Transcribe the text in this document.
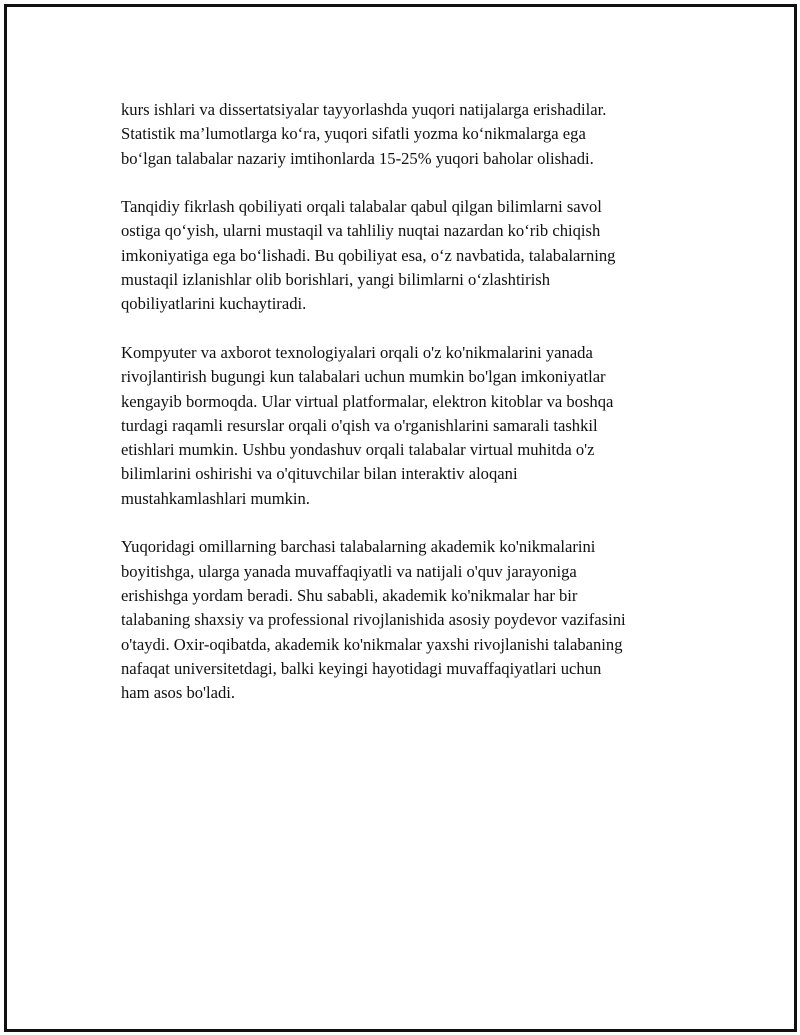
kurs ishlari va dissertatsiyalar tayyorlashda yuqori natijalarga erishadilar.
Statistik ma’lumotlarga ko‘ra, yuqori sifatli yozma ko‘nikmalarga ega
bo‘lgan talabalar nazariy imtihonlarda 15-25% yuqori baholar olishadi.

Tanqidiy fikrlash qobiliyati orqali talabalar qabul qilgan bilimlarni savol
ostiga qo‘yish, ularni mustaqil va tahliliy nuqtai nazardan ko‘rib chiqish
imkoniyatiga ega bo‘lishadi. Bu qobiliyat esa, o‘z navbatida, talabalarning
mustaqil izlanishlar olib borishlari, yangi bilimlarni o‘zlashtirish
qobiliyatlarini kuchaytiradi.

Kompyuter va axborot texnologiyalari orqali o'z ko'nikmalarini yanada
rivojlantirish bugungi kun talabalari uchun mumkin bo'lgan imkoniyatlar
kengayib bormoqda. Ular virtual platformalar, elektron kitoblar va boshqa
turdagi raqamli resurslar orqali o'qish va o'rganishlarini samarali tashkil
etishlari mumkin. Ushbu yondashuv orqali talabalar virtual muhitda o'z
bilimlarini oshirishi va o'qituvchilar bilan interaktiv aloqani
mustahkamlashlari mumkin.

Yuqoridagi omillarning barchasi talabalarning akademik ko'nikmalarini
boyitishga, ularga yanada muvaffaqiyatli va natijali o'quv jarayoniga
erishishga yordam beradi. Shu sababli, akademik ko'nikmalar har bir
talabaning shaxsiy va professional rivojlanishida asosiy poydevor vazifasini
o'taydi. Oxir-oqibatda, akademik ko'nikmalar yaxshi rivojlanishi talabaning
nafaqat universitetdagi, balki keyingi hayotidagi muvaffaqiyatlari uchun
ham asos bo'ladi.
